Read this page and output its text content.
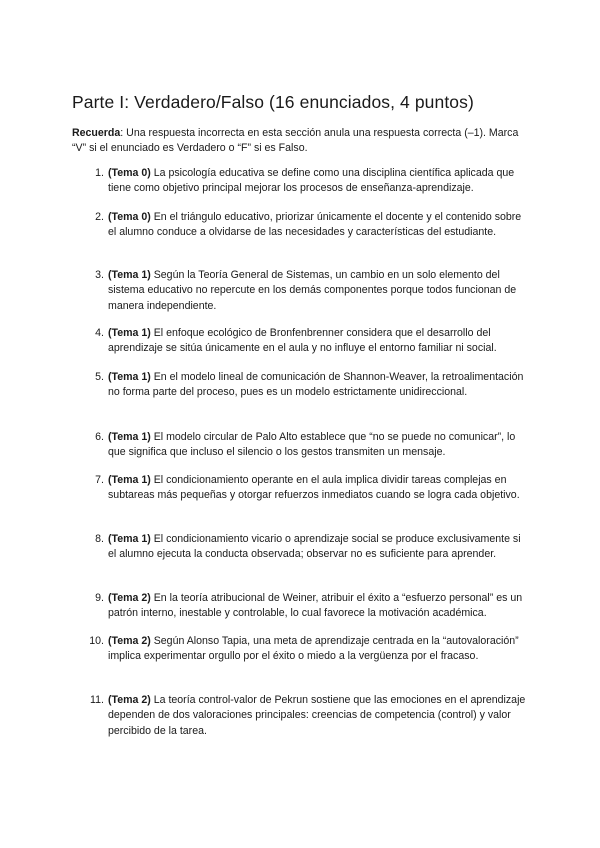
Parte I: Verdadero/Falso (16 enunciados, 4 puntos)

Recuerda: Una respuesta incorrecta en esta sección anula una respuesta correcta (–1). Marca “V” si el enunciado es Verdadero o “F” si es Falso.

1. (Tema 0) La psicología educativa se define como una disciplina científica aplicada que tiene como objetivo principal mejorar los procesos de enseñanza-aprendizaje.
2. (Tema 0) En el triángulo educativo, priorizar únicamente el docente y el contenido sobre el alumno conduce a olvidarse de las necesidades y características del estudiante.
3. (Tema 1) Según la Teoría General de Sistemas, un cambio en un solo elemento del sistema educativo no repercute en los demás componentes porque todos funcionan de manera independiente.
4. (Tema 1) El enfoque ecológico de Bronfenbrenner considera que el desarrollo del aprendizaje se sitúa únicamente en el aula y no influye el entorno familiar ni social.
5. (Tema 1) En el modelo lineal de comunicación de Shannon-Weaver, la retroalimentación no forma parte del proceso, pues es un modelo estrictamente unidireccional.
6. (Tema 1) El modelo circular de Palo Alto establece que “no se puede no comunicar”, lo que significa que incluso el silencio o los gestos transmiten un mensaje.
7. (Tema 1) El condicionamiento operante en el aula implica dividir tareas complejas en subtareas más pequeñas y otorgar refuerzos inmediatos cuando se logra cada objetivo.
8. (Tema 1) El condicionamiento vicario o aprendizaje social se produce exclusivamente si el alumno ejecuta la conducta observada; observar no es suficiente para aprender.
9. (Tema 2) En la teoría atribucional de Weiner, atribuir el éxito a “esfuerzo personal” es un patrón interno, inestable y controlable, lo cual favorece la motivación académica.
10. (Tema 2) Según Alonso Tapia, una meta de aprendizaje centrada en la “autovaloración” implica experimentar orgullo por el éxito o miedo a la vergüenza por el fracaso.
11. (Tema 2) La teoría control-valor de Pekrun sostiene que las emociones en el aprendizaje dependen de dos valoraciones principales: creencias de competencia (control) y valor percibido de la tarea.
